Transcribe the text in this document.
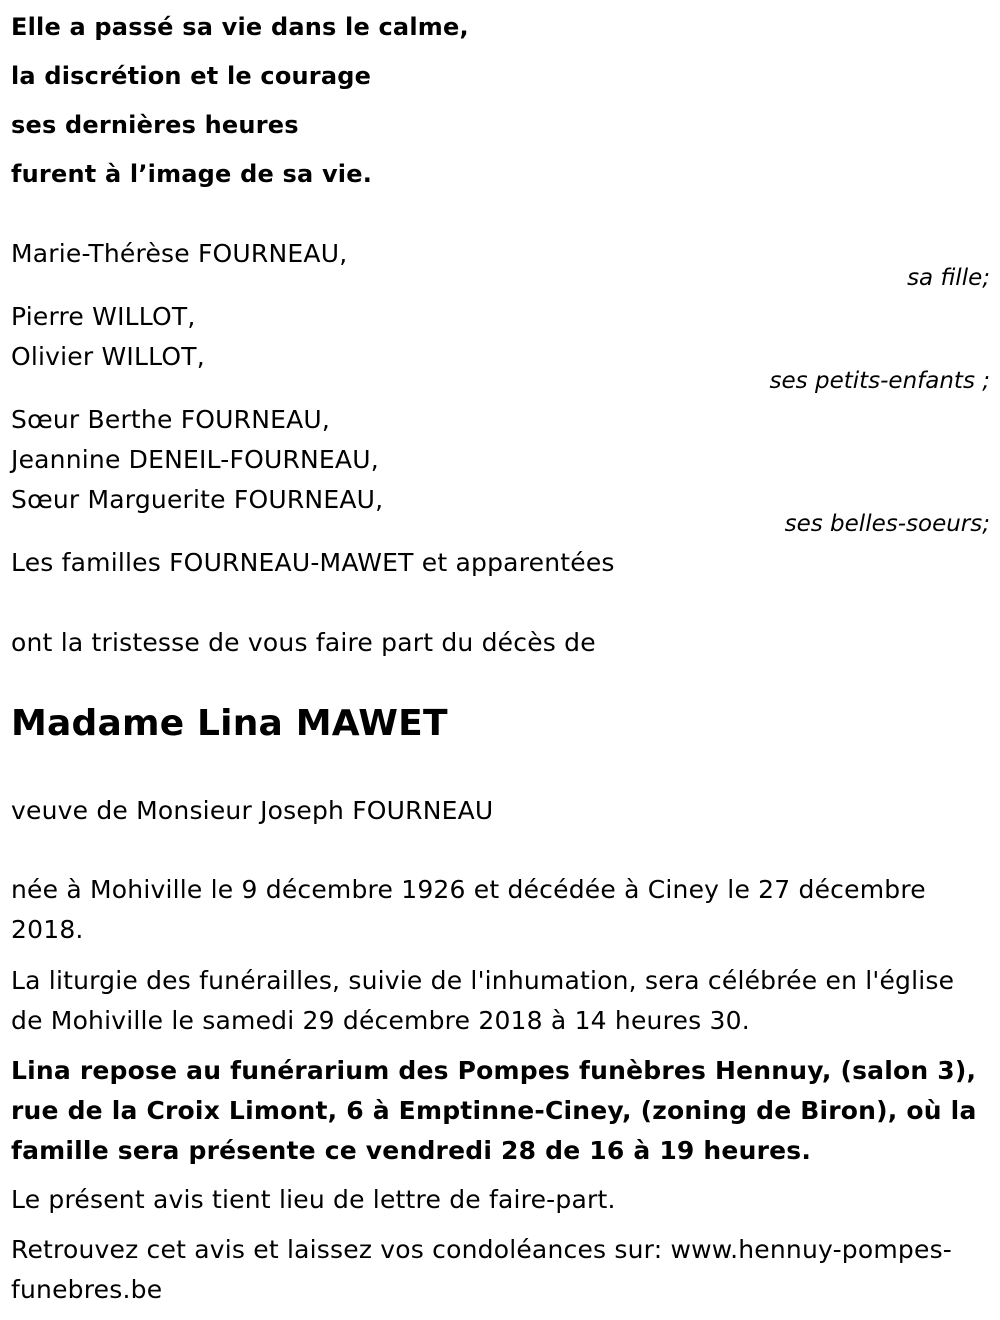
Elle a passé sa vie dans le calme,
la discrétion et le courage
ses dernières heures
furent à l’image de sa vie.
Marie-Thérèse FOURNEAU,
sa fille;
Pierre WILLOT,
Olivier WILLOT,
ses petits-enfants ;
Sœur Berthe FOURNEAU,
Jeannine DENEIL-FOURNEAU,
Sœur Marguerite FOURNEAU,
ses belles-soeurs;
Les familles FOURNEAU-MAWET et apparentées
ont la tristesse de vous faire part du décès de
Madame Lina MAWET
veuve de Monsieur Joseph FOURNEAU
née à Mohiville le 9 décembre 1926 et décédée à Ciney le 27 décembre
2018.
La liturgie des funérailles, suivie de l'inhumation, sera célébrée en l'église
de Mohiville le samedi 29 décembre 2018 à 14 heures 30.
Lina repose au funérarium des Pompes funèbres Hennuy, (salon 3),
rue de la Croix Limont, 6 à Emptinne-Ciney, (zoning de Biron), où la
famille sera présente ce vendredi 28 de 16 à 19 heures.
Le présent avis tient lieu de lettre de faire-part.
Retrouvez cet avis et laissez vos condoléances sur: www.hennuy-pompes-
funebres.be
